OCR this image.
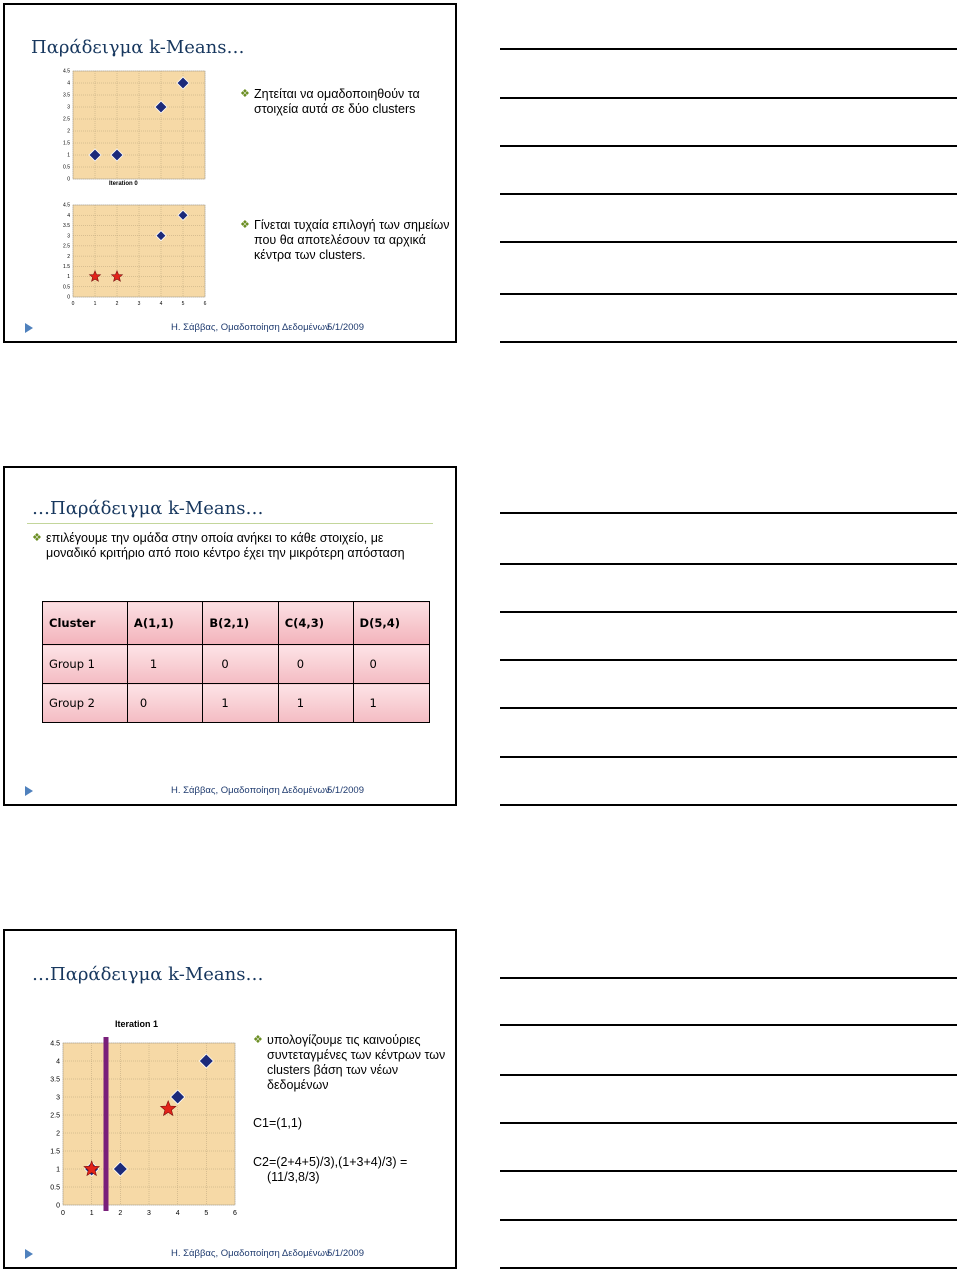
Παράδειγμα k-Means…
4.5
4
3.5
3
2.5
2
1.5
1
0.5
0
Iteration 0
4.5
4
3.5
3
2.5
2
1.5
1
0.5
0
0	1	2	3	4	5	6
❖ Ζητείται να ομαδοποιηθούν τα στοιχεία αυτά σε δύο clusters
❖ Γίνεται τυχαία επιλογή των σημείων που θα αποτελέσουν τα αρχικά κέντρα των clusters.
Η. Σάββας, Ομαδοποίηση Δεδομένων
5/1/2009
…Παράδειγμα k-Means…
❖ επιλέγουμε την ομάδα στην οποία ανήκει το κάθε στοιχείο, με μοναδικό κριτήριο από ποιο κέντρο έχει την μικρότερη απόσταση
Cluster	A(1,1)	B(2,1)	C(4,3)	D(5,4)
Group 1	1	0	0	0
Group 2	0	1	1	1
Η. Σάββας, Ομαδοποίηση Δεδομένων
5/1/2009
…Παράδειγμα k-Means…
Iteration 1
4.5
4
3.5
3
2.5
2
1.5
1
0.5
0
0	1	2	3	4	5	6
❖ υπολογίζουμε τις καινούριες συντεταγμένες των κέντρων των clusters βάση των νέων δεδομένων
C1=(1,1)
C2=(2+4+5)/3),(1+3+4)/3) =(11/3,8/3)
Η. Σάββας, Ομαδοποίηση Δεδομένων
5/1/2009
